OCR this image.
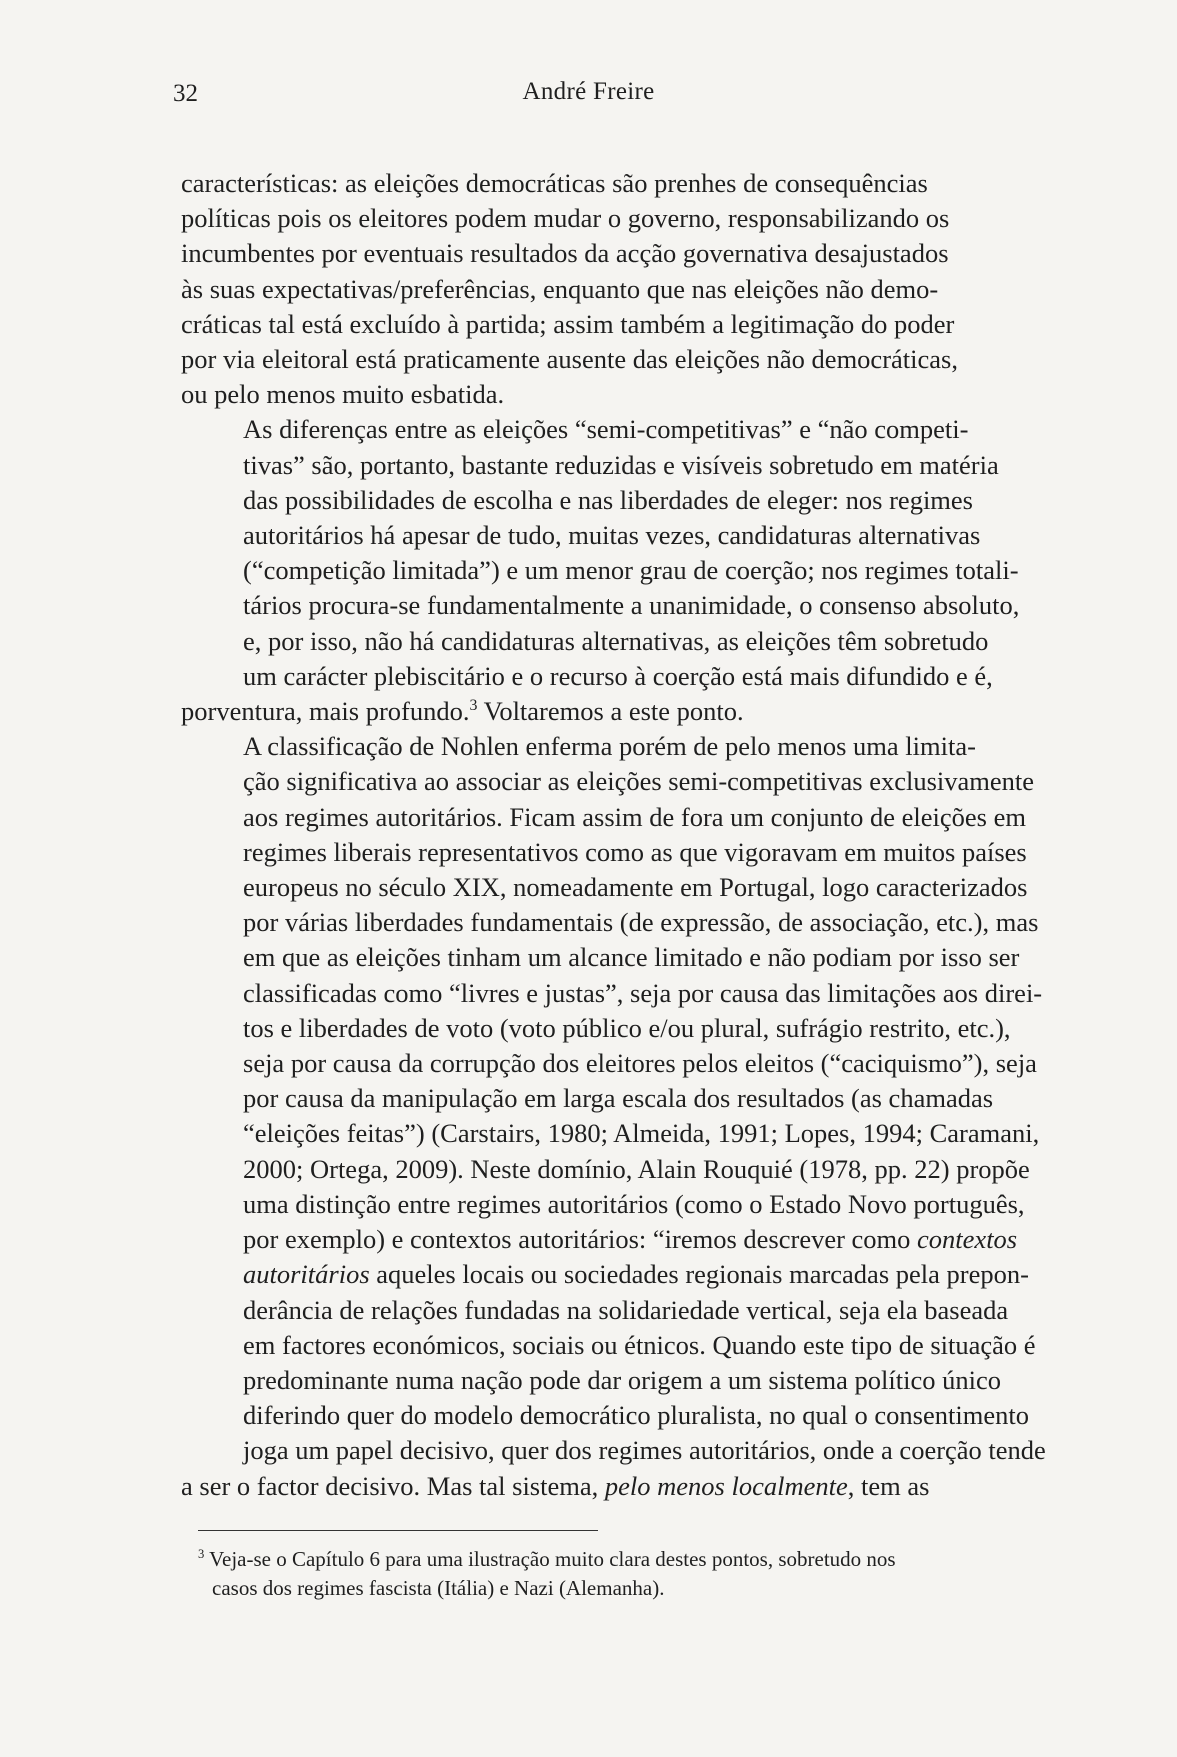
32	André Freire

características: as eleições democráticas são prenhes de consequências
políticas pois os eleitores podem mudar o governo, responsabilizando os
incumbentes por eventuais resultados da acção governativa desajustados
às suas expectativas/preferências, enquanto que nas eleições não demo-
cráticas tal está excluído à partida; assim também a legitimação do poder
por via eleitoral está praticamente ausente das eleições não democráticas,
ou pelo menos muito esbatida.

As diferenças entre as eleições “semi-competitivas” e “não competi-
tivas” são, portanto, bastante reduzidas e visíveis sobretudo em matéria
das possibilidades de escolha e nas liberdades de eleger: nos regimes
autoritários há apesar de tudo, muitas vezes, candidaturas alternativas
(“competição limitada”) e um menor grau de coerção; nos regimes totali-
tários procura-se fundamentalmente a unanimidade, o consenso absoluto,
e, por isso, não há candidaturas alternativas, as eleições têm sobretudo
um carácter plebiscitário e o recurso à coerção está mais difundido e é,
porventura, mais profundo.$^3$ Voltaremos a este ponto.

A classificação de Nohlen enferma porém de pelo menos uma limita-
ção significativa ao associar as eleições semi-competitivas exclusivamente
aos regimes autoritários. Ficam assim de fora um conjunto de eleições em
regimes liberais representativos como as que vigoravam em muitos países
europeus no século XIX, nomeadamente em Portugal, logo caracterizados
por várias liberdades fundamentais (de expressão, de associação, etc.), mas
em que as eleições tinham um alcance limitado e não podiam por isso ser
classificadas como “livres e justas”, seja por causa das limitações aos direi-
tos e liberdades de voto (voto público e/ou plural, sufrágio restrito, etc.),
seja por causa da corrupção dos eleitores pelos eleitos (“caciquismo”), seja
por causa da manipulação em larga escala dos resultados (as chamadas
“eleições feitas”) (Carstairs, 1980; Almeida, 1991; Lopes, 1994; Caramani,
2000; Ortega, 2009). Neste domínio, Alain Rouquié (1978, pp. 22) propõe
uma distinção entre regimes autoritários (como o Estado Novo português,
por exemplo) e contextos autoritários: “iremos descrever como contextos
autoritários aqueles locais ou sociedades regionais marcadas pela prepon-
derância de relações fundadas na solidariedade vertical, seja ela baseada
em factores económicos, sociais ou étnicos. Quando este tipo de situação é
predominante numa nação pode dar origem a um sistema político único
diferindo quer do modelo democrático pluralista, no qual o consentimento
joga um papel decisivo, quer dos regimes autoritários, onde a coerção tende
a ser o factor decisivo. Mas tal sistema, pelo menos localmente, tem as

$^3$ Veja-se o Capítulo 6 para uma ilustração muito clara destes pontos, sobretudo nos
casos dos regimes fascista (Itália) e Nazi (Alemanha).
